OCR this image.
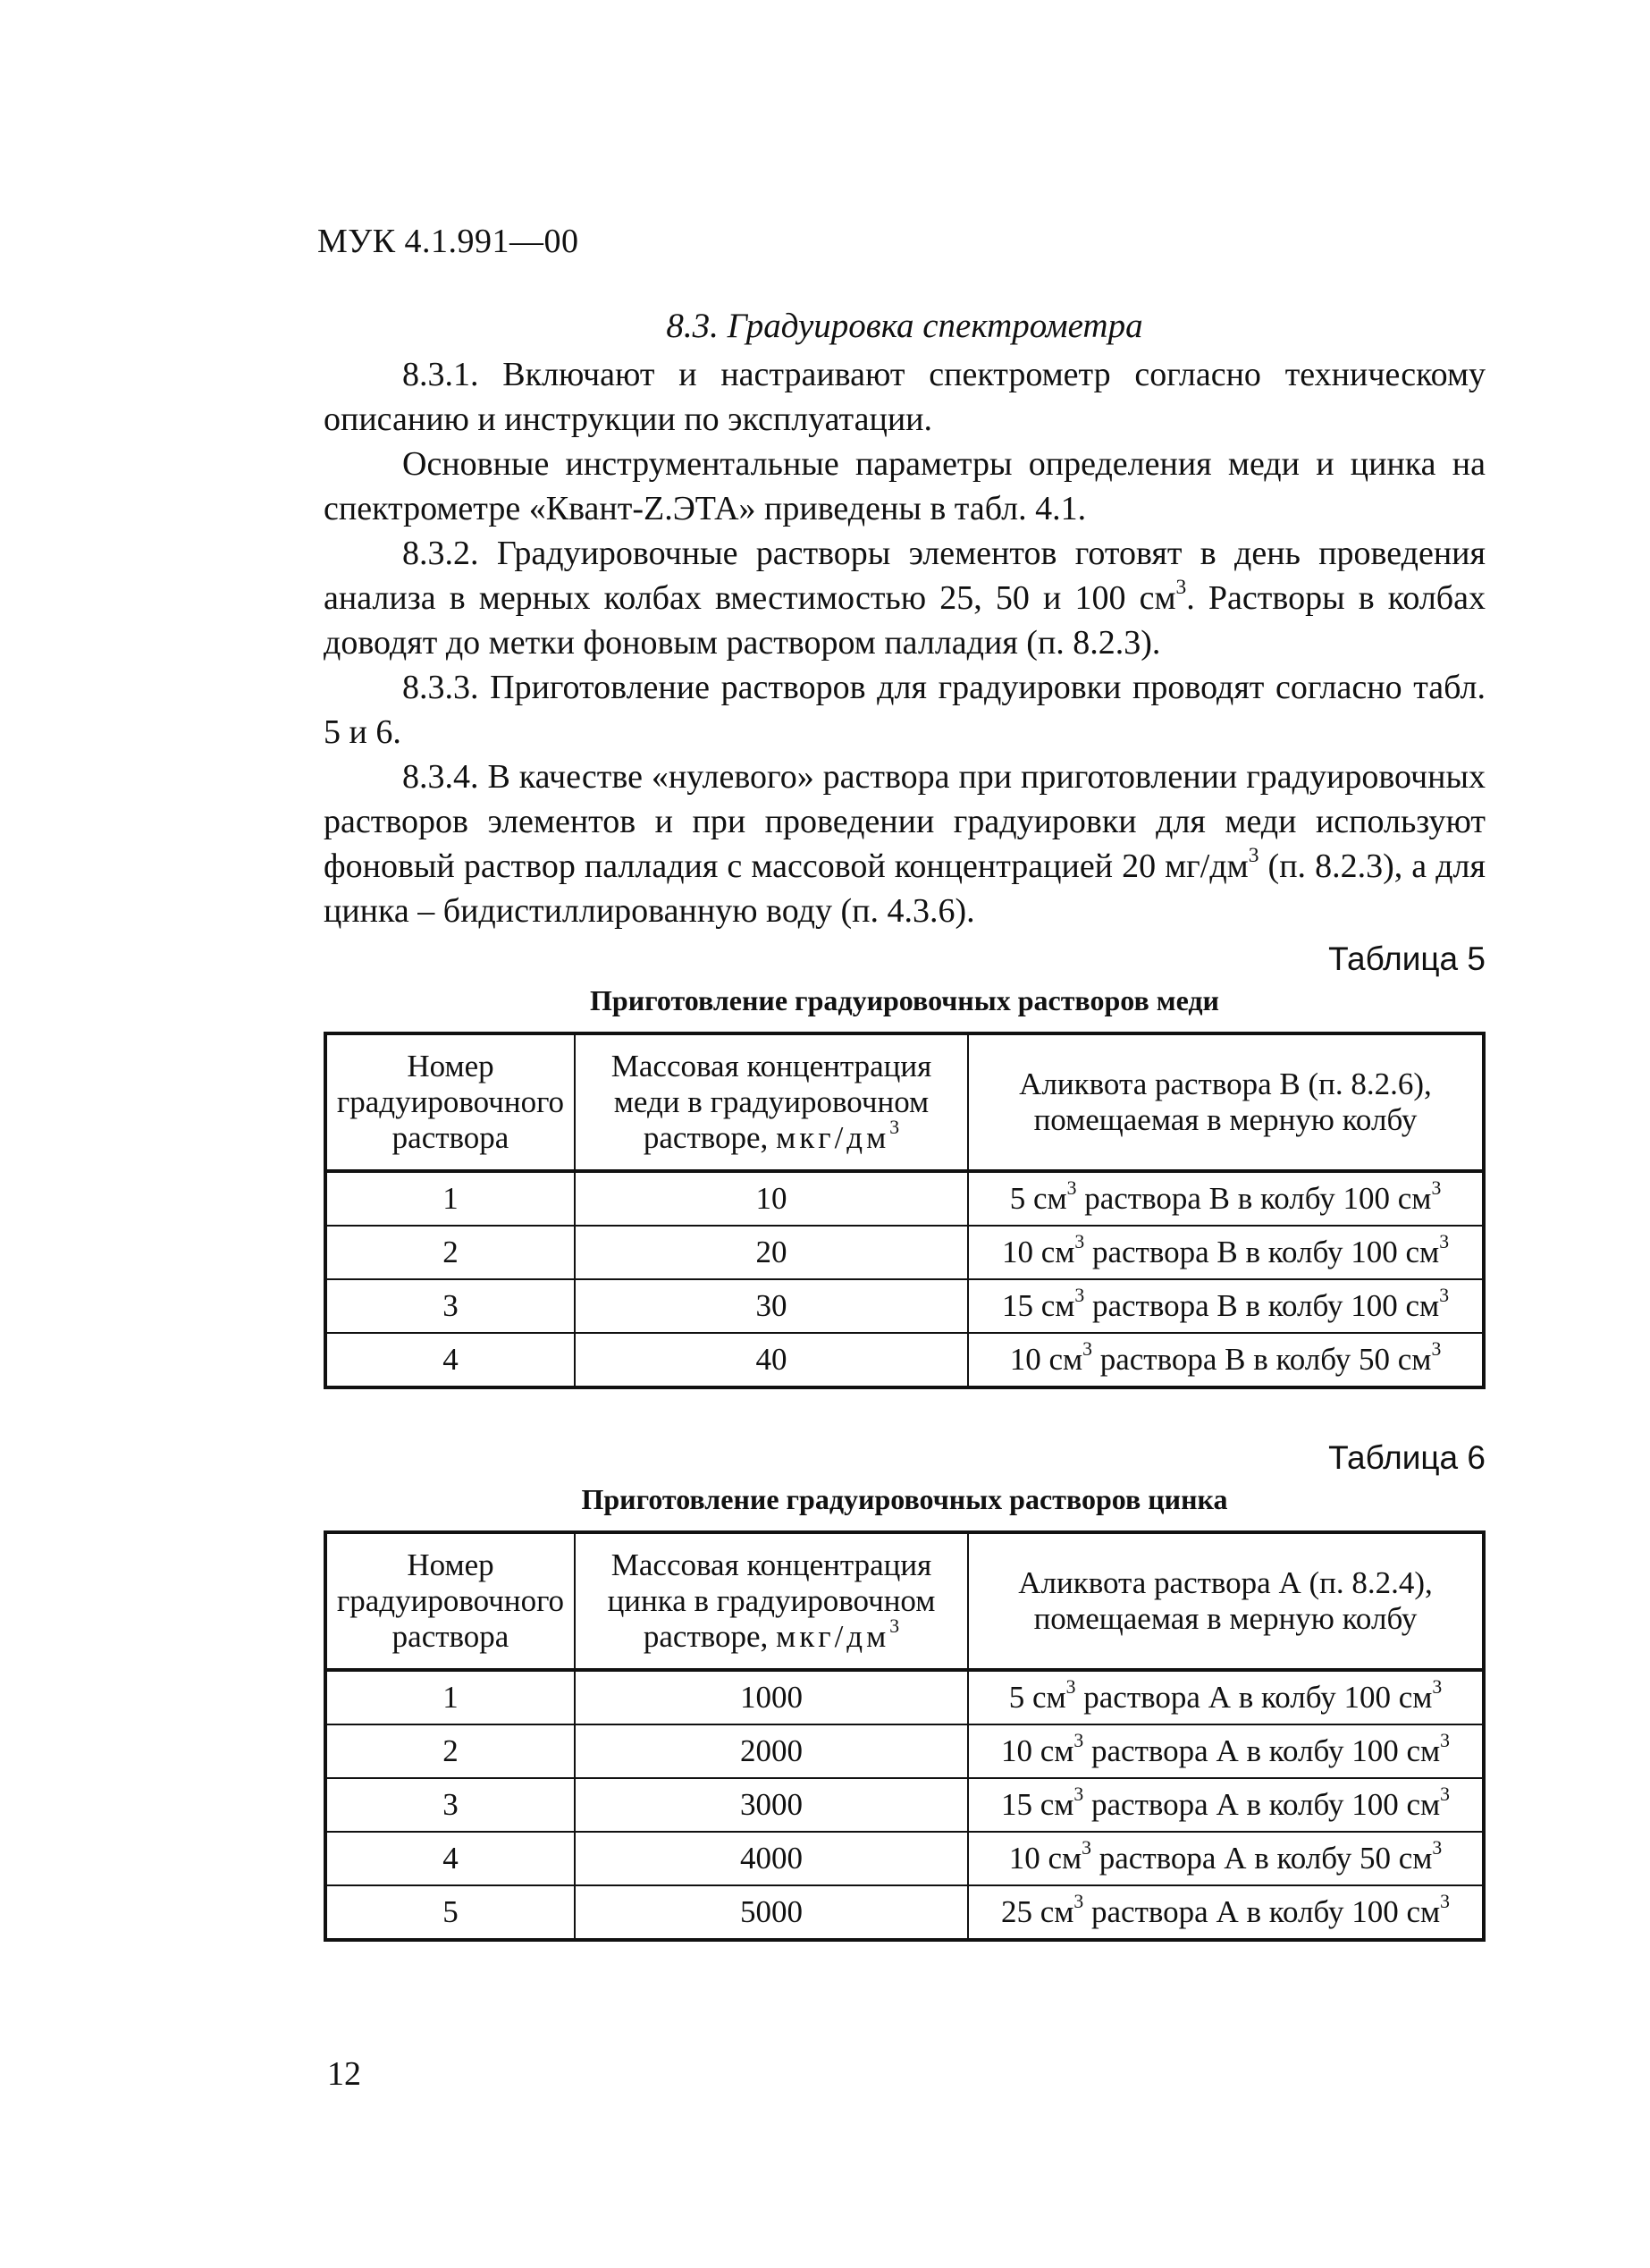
МУК 4.1.991—00

8.3. Градуировка спектрометра

8.3.1. Включают и настраивают спектрометр согласно техническому описанию и инструкции по эксплуатации.

Основные инструментальные параметры определения меди и цинка на спектрометре «Квант-Z.ЭТА» приведены в табл. 4.1.

8.3.2. Градуировочные растворы элементов готовят в день проведения анализа в мерных колбах вместимостью 25, 50 и 100 $см^3$. Растворы в колбах доводят до метки фоновым раствором палладия (п. 8.2.3).

8.3.3. Приготовление растворов для градуировки проводят согласно табл. 5 и 6.

8.3.4. В качестве «нулевого» раствора при приготовлении градуировочных растворов элементов и при проведении градуировки для меди используют фоновый раствор палладия с массовой концентрацией 20 $мг/дм^3$ (п. 8.2.3), а для цинка – бидистиллированную воду (п. 4.3.6).

Таблица 5
Приготовление градуировочных растворов меди
Номер градуировочного раствора	Массовая концентрация меди в градуировочном растворе, мкг/$дм^3$	Аликвота раствора В (п. 8.2.6), помещаемая в мерную колбу
1	10	5 $см^3$ раствора В в колбу 100 $см^3$
2	20	10 $см^3$ раствора В в колбу 100 $см^3$
3	30	15 $см^3$ раствора В в колбу 100 $см^3$
4	40	10 $см^3$ раствора В в колбу 50 $см^3$
Таблица 6
Приготовление градуировочных растворов цинка
Номер градуировочного раствора	Массовая концентрация цинка в градуировочном растворе, мкг/$дм^3$	Аликвота раствора А (п. 8.2.4), помещаемая в мерную колбу
1	1000	5 $см^3$ раствора А в колбу 100 $см^3$
2	2000	10 $см^3$ раствора А в колбу 100 $см^3$
3	3000	15 $см^3$ раствора А в колбу 100 $см^3$
4	4000	10 $см^3$ раствора А в колбу 50 $см^3$
5	5000	25 $см^3$ раствора А в колбу 100 $см^3$
12
